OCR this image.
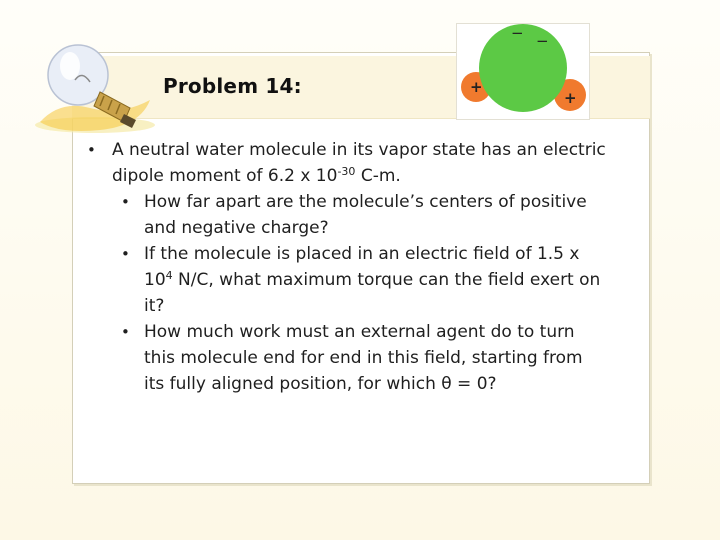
Problem 14:
− −
+
+
• A neutral water molecule in its vapor state has an electric dipole moment of 6.2 x $10^{-30}$ C-m.
• How far apart are the molecule’s centers of positive and negative charge?
• If the molecule is placed in an electric field of 1.5 x $10^4$ N/C, what maximum torque can the field exert on it?
• How much work must an external agent do to turn this molecule end for end in this field, starting from its fully aligned position, for which θ = 0?
